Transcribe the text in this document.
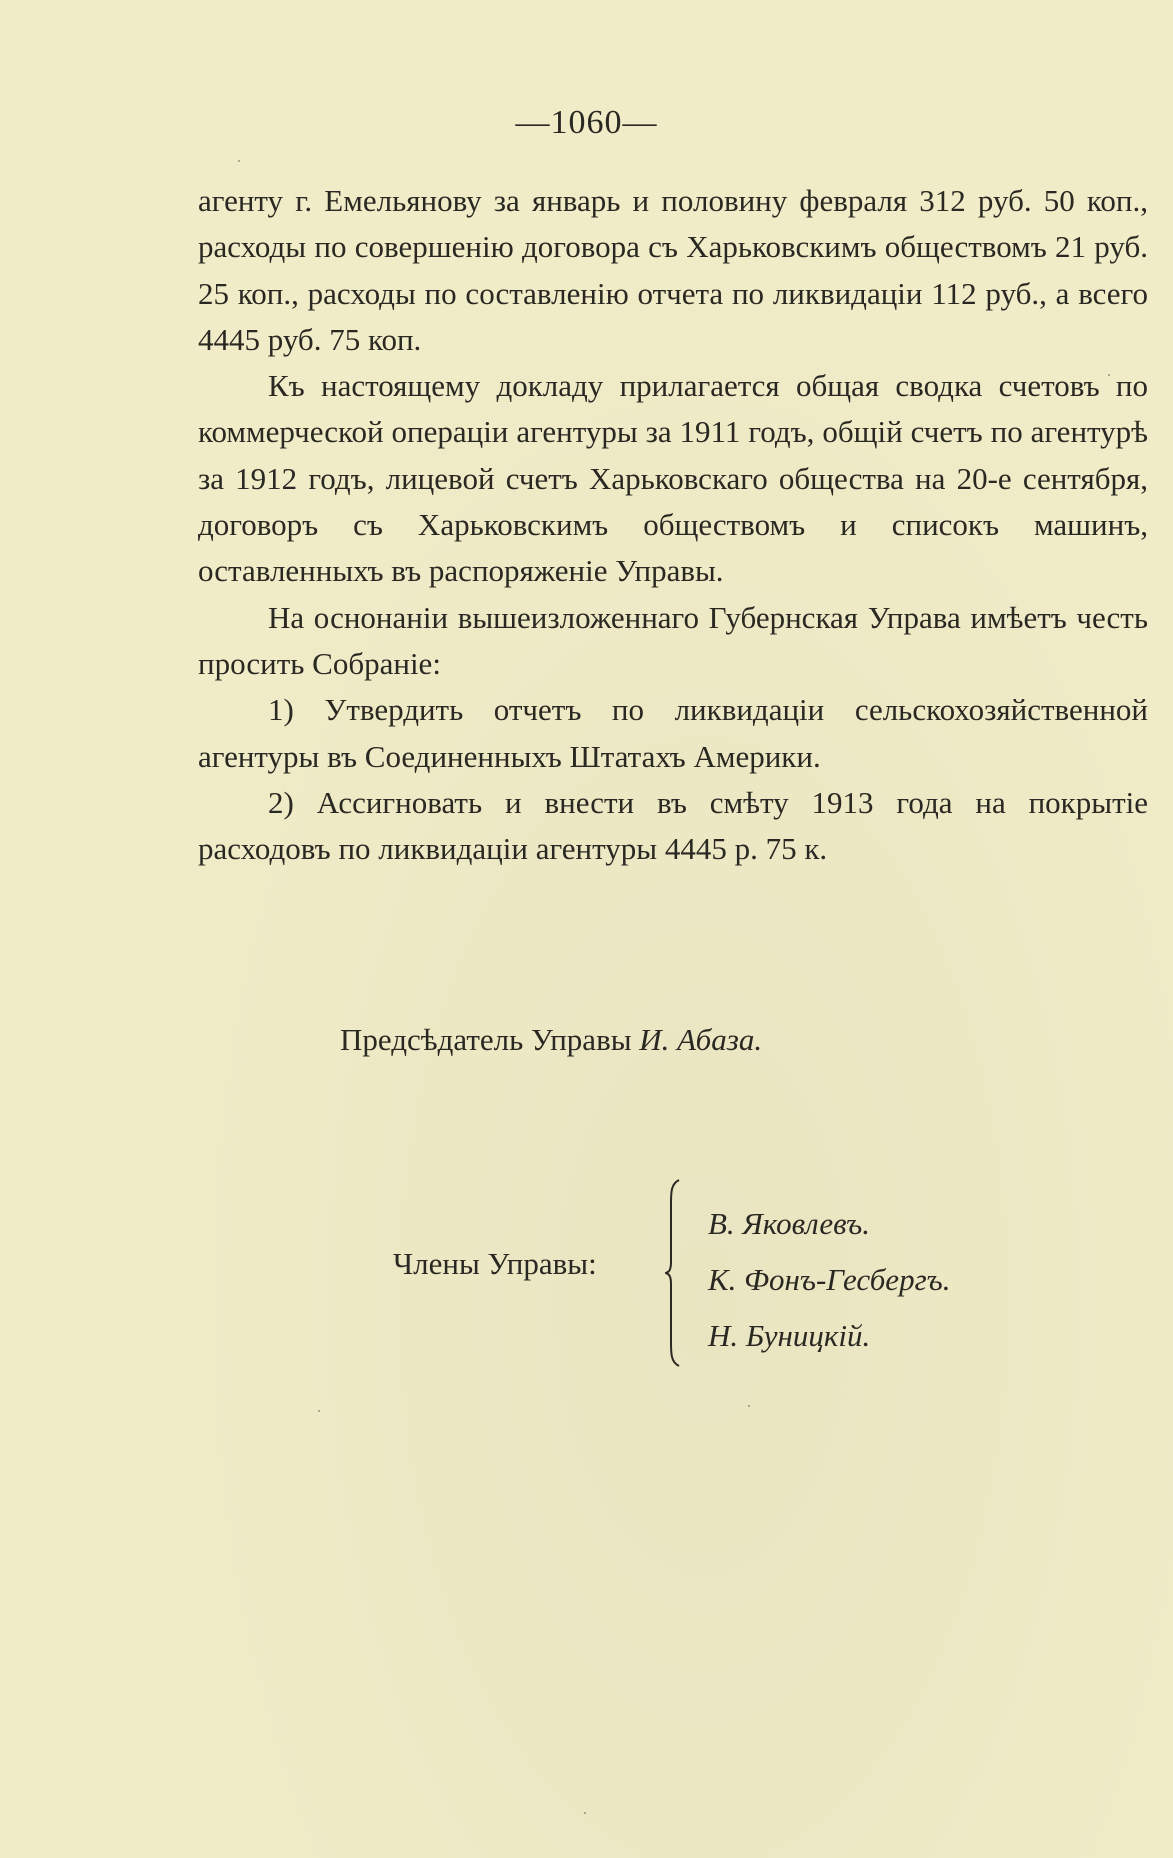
—1060—

агенту г. Емельянову за январь и половину февраля 312 руб. 50 коп., расходы по совершенiю договора съ Харьковскимъ обществомъ 21 руб. 25 коп., расходы по составленiю отчета по ликвидацiи 112 руб., а всего 4445 руб. 75 коп.

Къ настоящему докладу прилагается общая сводка счетовъ по коммерческой операцiи агентуры за 1911 годъ, общiй счетъ по агентурѣ за 1912 годъ, лицевой счетъ Харьковскаго общества на 20-е сентября, договоръ съ Харьковскимъ обществомъ и списокъ машинъ, оставленныхъ въ распоряженiе Управы.

На оснонанiи вышеизложеннаго Губернская Управа имѣетъ честь просить Собранiе:

1) Утвердить отчетъ по ликвидацiи сельскохозяйственной агентуры въ Соединенныхъ Штатахъ Америки.

2) Ассигновать и внести въ смѣту 1913 года на покрытiе расходовъ по ликвидацiи агентуры 4445 р. 75 к.

Предсѣдатель Управы И. Абаза.
Члены Управы:
В. Яковлевъ.
К. Фонъ-Гесбергъ.
Н. Буницкiй.
